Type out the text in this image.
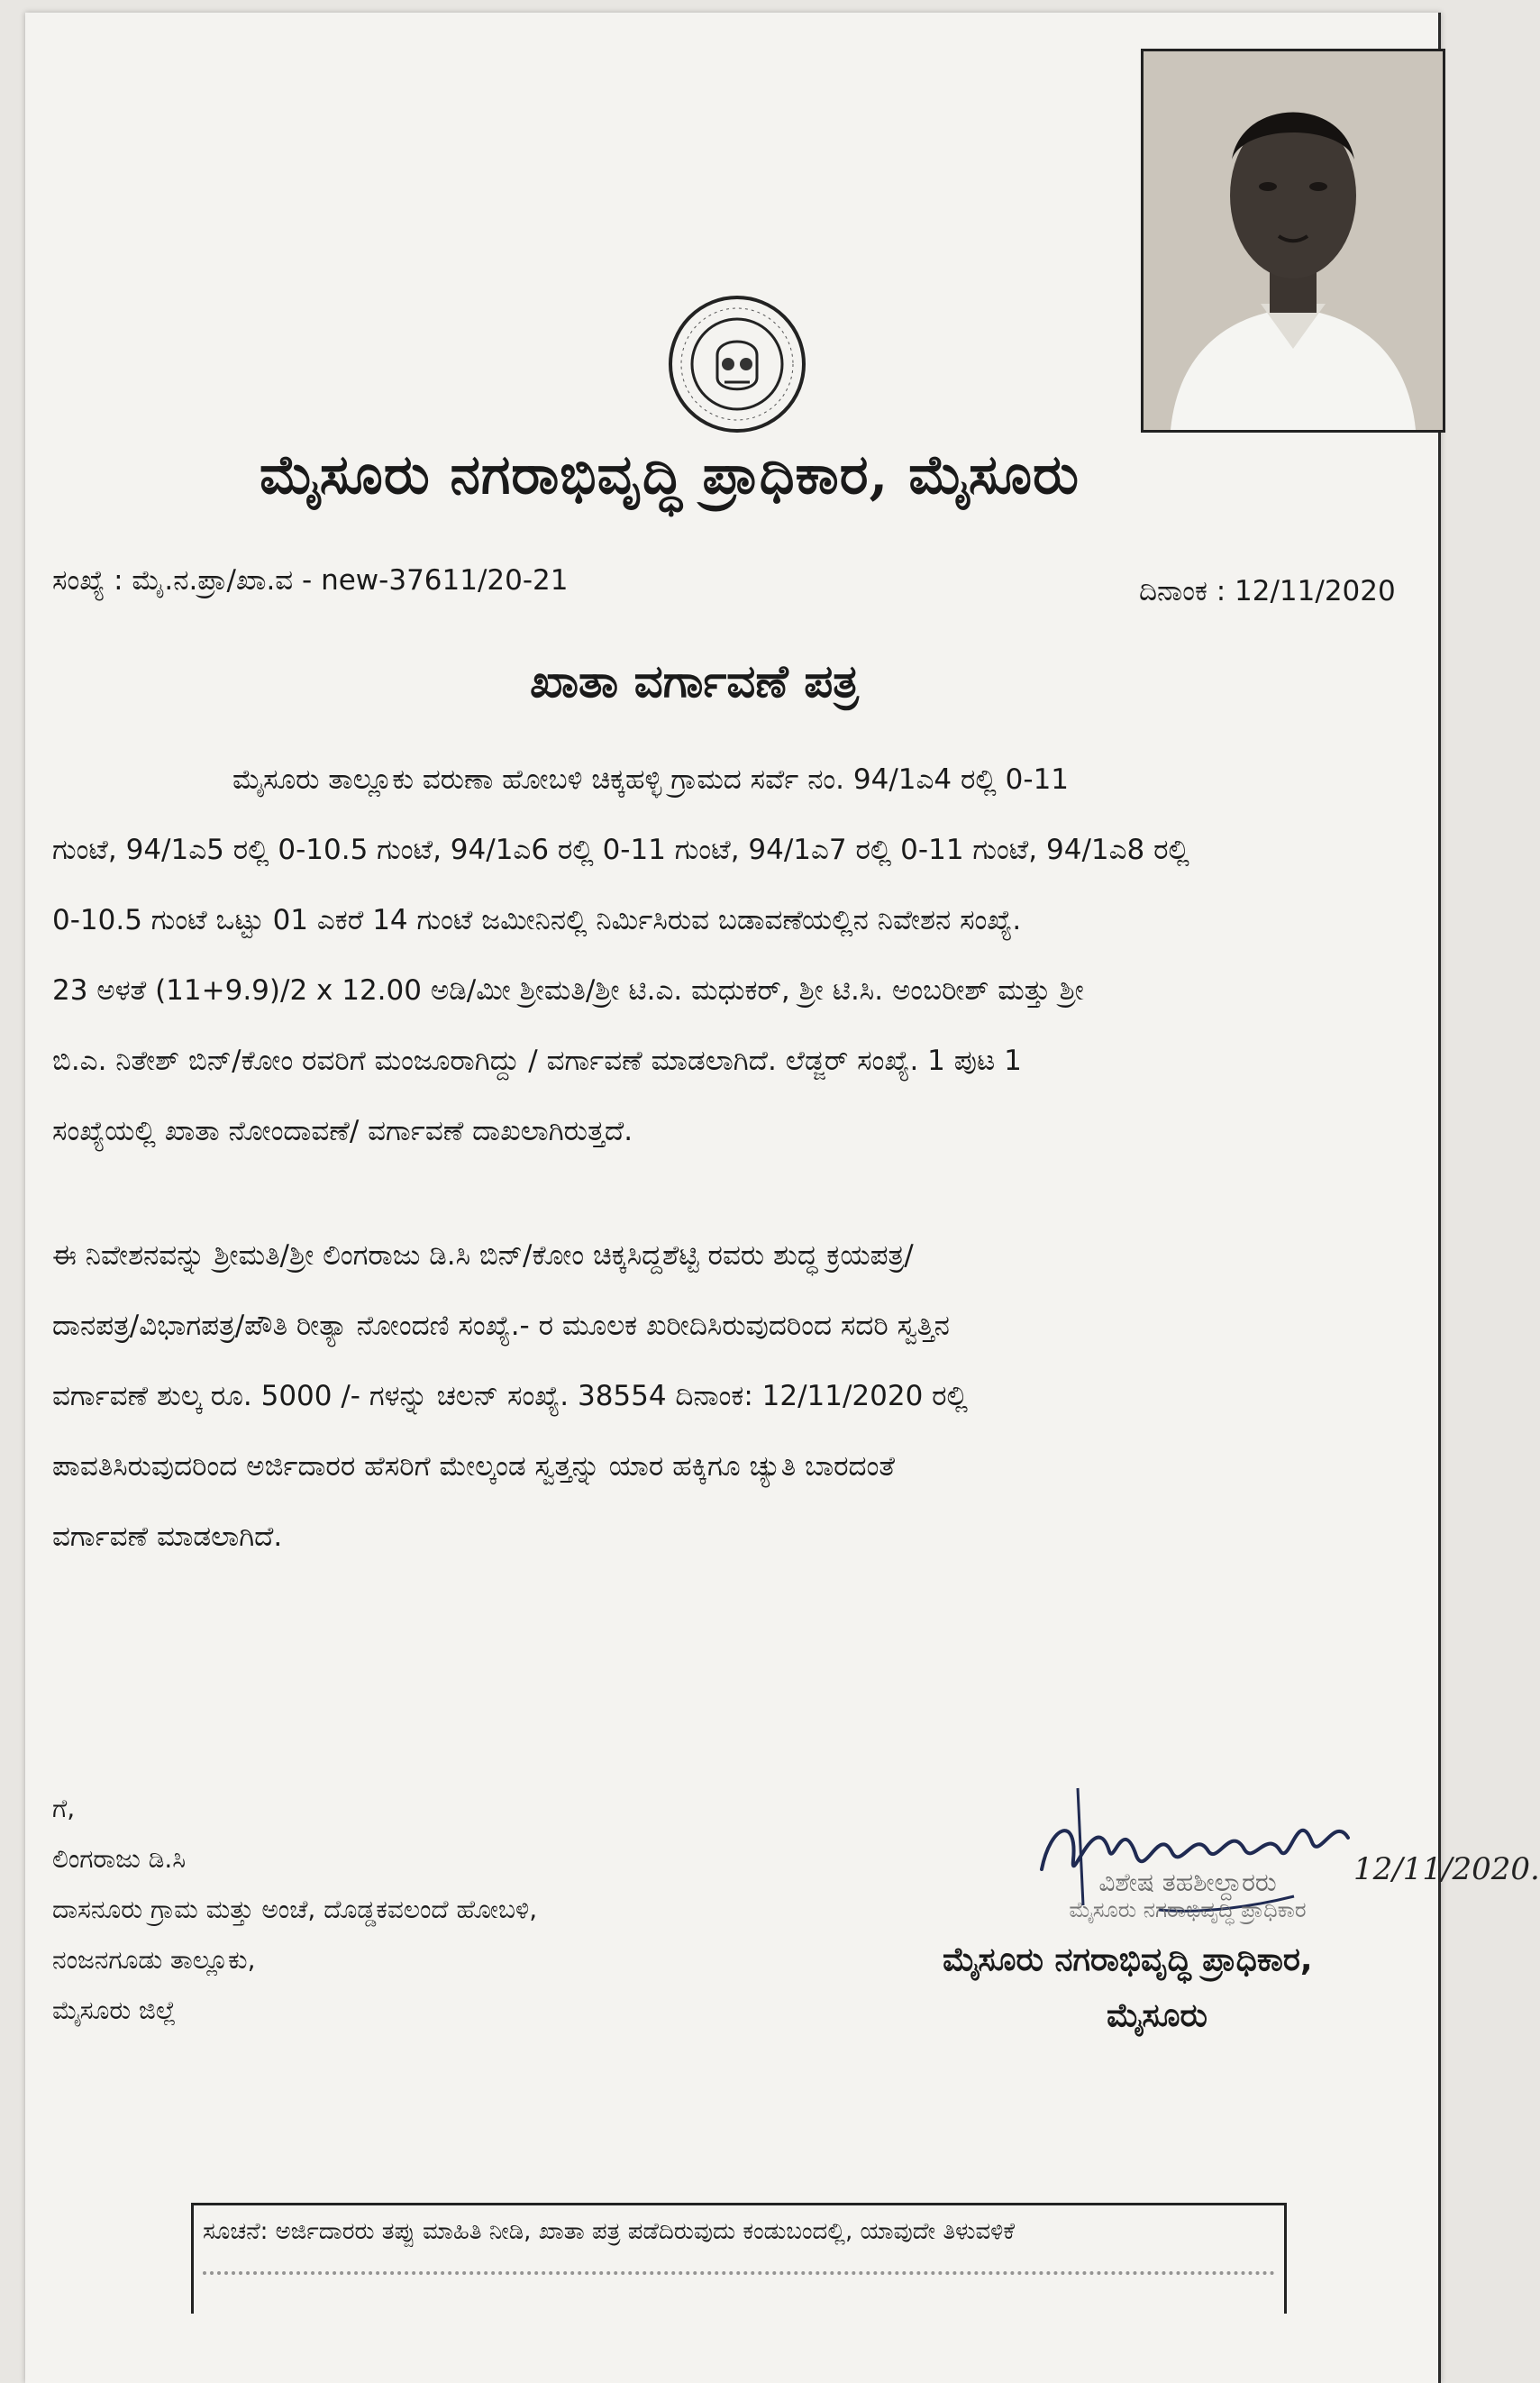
ಮೈಸೂರು ನಗರಾಭಿವೃದ್ಧಿ ಪ್ರಾಧಿಕಾರ, ಮೈಸೂರು
ಸಂಖ್ಯೆ : ಮೈ.ನ.ಪ್ರಾ/ಖಾ.ವ - new-37611/20-21	ದಿನಾಂಕ : 12/11/2020
ಖಾತಾ ವರ್ಗಾವಣೆ ಪತ್ರ
ಮೈಸೂರು ತಾಲ್ಲೂಕು ವರುಣಾ ಹೋಬಳಿ ಚಿಕ್ಕಹಳ್ಳಿ ಗ್ರಾಮದ ಸರ್ವೆ ನಂ. 94/1ಎ4 ರಲ್ಲಿ 0-11
ಗುಂಟೆ, 94/1ಎ5 ರಲ್ಲಿ 0-10.5 ಗುಂಟೆ, 94/1ಎ6 ರಲ್ಲಿ 0-11 ಗುಂಟೆ, 94/1ಎ7 ರಲ್ಲಿ 0-11 ಗುಂಟೆ, 94/1ಎ8 ರಲ್ಲಿ
0-10.5 ಗುಂಟೆ ಒಟ್ಟು 01 ಎಕರೆ 14 ಗುಂಟೆ ಜಮೀನಿನಲ್ಲಿ ನಿರ್ಮಿಸಿರುವ ಬಡಾವಣೆಯಲ್ಲಿನ ನಿವೇಶನ ಸಂಖ್ಯೆ.
23 ಅಳತೆ (11+9.9)/2 x 12.00 ಅಡಿ/ಮೀ ಶ್ರೀಮತಿ/ಶ್ರೀ ಟಿ.ಎ. ಮಧುಕರ್, ಶ್ರೀ ಟಿ.ಸಿ. ಅಂಬರೀಶ್ ಮತ್ತು ಶ್ರೀ
ಬಿ.ಎ. ನಿತೇಶ್ ಬಿನ್/ಕೋಂ ರವರಿಗೆ ಮಂಜೂರಾಗಿದ್ದು / ವರ್ಗಾವಣೆ ಮಾಡಲಾಗಿದೆ. ಲೆಡ್ಜರ್ ಸಂಖ್ಯೆ. 1 ಪುಟ 1
ಸಂಖ್ಯೆಯಲ್ಲಿ ಖಾತಾ ನೋಂದಾವಣೆ/ ವರ್ಗಾವಣೆ ದಾಖಲಾಗಿರುತ್ತದೆ.
ಈ ನಿವೇಶನವನ್ನು ಶ್ರೀಮತಿ/ಶ್ರೀ ಲಿಂಗರಾಜು ಡಿ.ಸಿ ಬಿನ್/ಕೋಂ ಚಿಕ್ಕಸಿದ್ದಶೆಟ್ಟಿ ರವರು ಶುದ್ಧ ಕ್ರಯಪತ್ರ/
ದಾನಪತ್ರ/ವಿಭಾಗಪತ್ರ/ಪೌತಿ ರೀತ್ಯಾ ನೋಂದಣಿ ಸಂಖ್ಯೆ.- ರ ಮೂಲಕ ಖರೀದಿಸಿರುವುದರಿಂದ ಸದರಿ ಸ್ವತ್ತಿನ
ವರ್ಗಾವಣೆ ಶುಲ್ಕ ರೂ. 5000 /- ಗಳನ್ನು ಚಲನ್ ಸಂಖ್ಯೆ. 38554 ದಿನಾಂಕ: 12/11/2020 ರಲ್ಲಿ
ಪಾವತಿಸಿರುವುದರಿಂದ ಅರ್ಜಿದಾರರ ಹೆಸರಿಗೆ ಮೇಲ್ಕಂಡ ಸ್ವತ್ತನ್ನು ಯಾರ ಹಕ್ಕಿಗೂ ಚ್ಯುತಿ ಬಾರದಂತೆ
ವರ್ಗಾವಣೆ ಮಾಡಲಾಗಿದೆ.
ಗೆ,
ಲಿಂಗರಾಜು ಡಿ.ಸಿ
ದಾಸನೂರು ಗ್ರಾಮ ಮತ್ತು ಅಂಚೆ, ದೊಡ್ಡಕವಲಂದೆ ಹೋಬಳಿ,
ನಂಜನಗೂಡು ತಾಲ್ಲೂಕು,
ಮೈಸೂರು ಜಿಲ್ಲೆ
12/11/2020.
ವಿಶೇಷ ತಹಶೀಲ್ದಾರರು
ಮೈಸೂರು ನಗರಾಭಿವೃದ್ಧಿ ಪ್ರಾಧಿಕಾರ
ಮೈಸೂರು ನಗರಾಭಿವೃದ್ಧಿ ಪ್ರಾಧಿಕಾರ,
ಮೈಸೂರು
ಸೂಚನೆ: ಅರ್ಜಿದಾರರು ತಪ್ಪು ಮಾಹಿತಿ ನೀಡಿ, ಖಾತಾ ಪತ್ರ ಪಡೆದಿರುವುದು ಕಂಡುಬಂದಲ್ಲಿ, ಯಾವುದೇ ತಿಳುವಳಿಕೆ
